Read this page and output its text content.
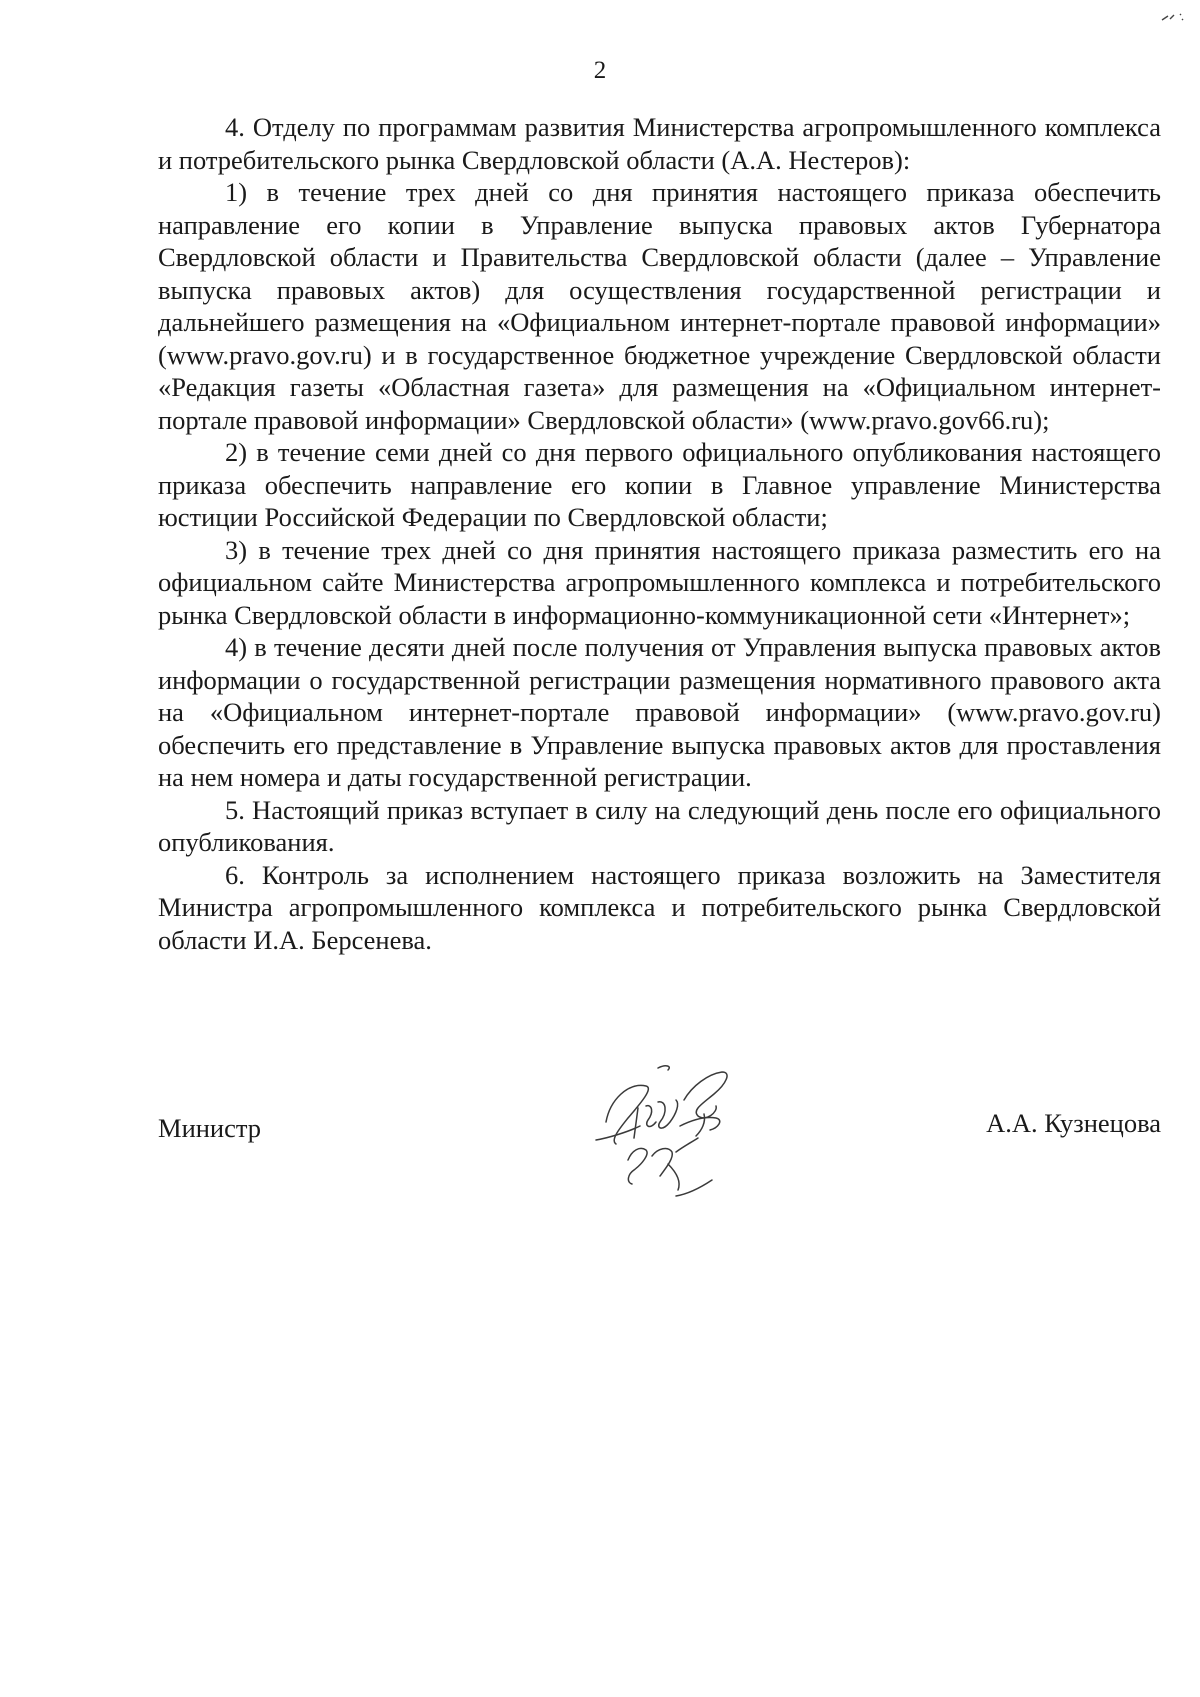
2

4. Отделу по программам развития Министерства агропромышленного комплекса и потребительского рынка Свердловской области (А.А. Нестеров):

1) в течение трех дней со дня принятия настоящего приказа обеспечить направление его копии в Управление выпуска правовых актов Губернатора Свердловской области и Правительства Свердловской области (далее – Управление выпуска правовых актов) для осуществления государственной регистрации и дальнейшего размещения на «Официальном интернет-портале правовой информации» (www.pravo.gov.ru) и в государственное бюджетное учреждение Свердловской области «Редакция газеты «Областная газета» для размещения на «Официальном интернет-портале правовой информации» Свердловской области» (www.pravo.gov66.ru);

2) в течение семи дней со дня первого официального опубликования настоящего приказа обеспечить направление его копии в Главное управление Министерства юстиции Российской Федерации по Свердловской области;

3) в течение трех дней со дня принятия настоящего приказа разместить его на официальном сайте Министерства агропромышленного комплекса и потребительского рынка Свердловской области в информационно-коммуникационной сети «Интернет»;

4) в течение десяти дней после получения от Управления выпуска правовых актов информации о государственной регистрации размещения нормативного правового акта на «Официальном интернет-портале правовой информации» (www.pravo.gov.ru) обеспечить его представление в Управление выпуска правовых актов для проставления на нем номера и даты государственной регистрации.

5. Настоящий приказ вступает в силу на следующий день после его официального опубликования.

6. Контроль за исполнением настоящего приказа возложить на Заместителя Министра агропромышленного комплекса и потребительского рынка Свердловской области И.А. Берсенева.

Министр	А.А. Кузнецова
